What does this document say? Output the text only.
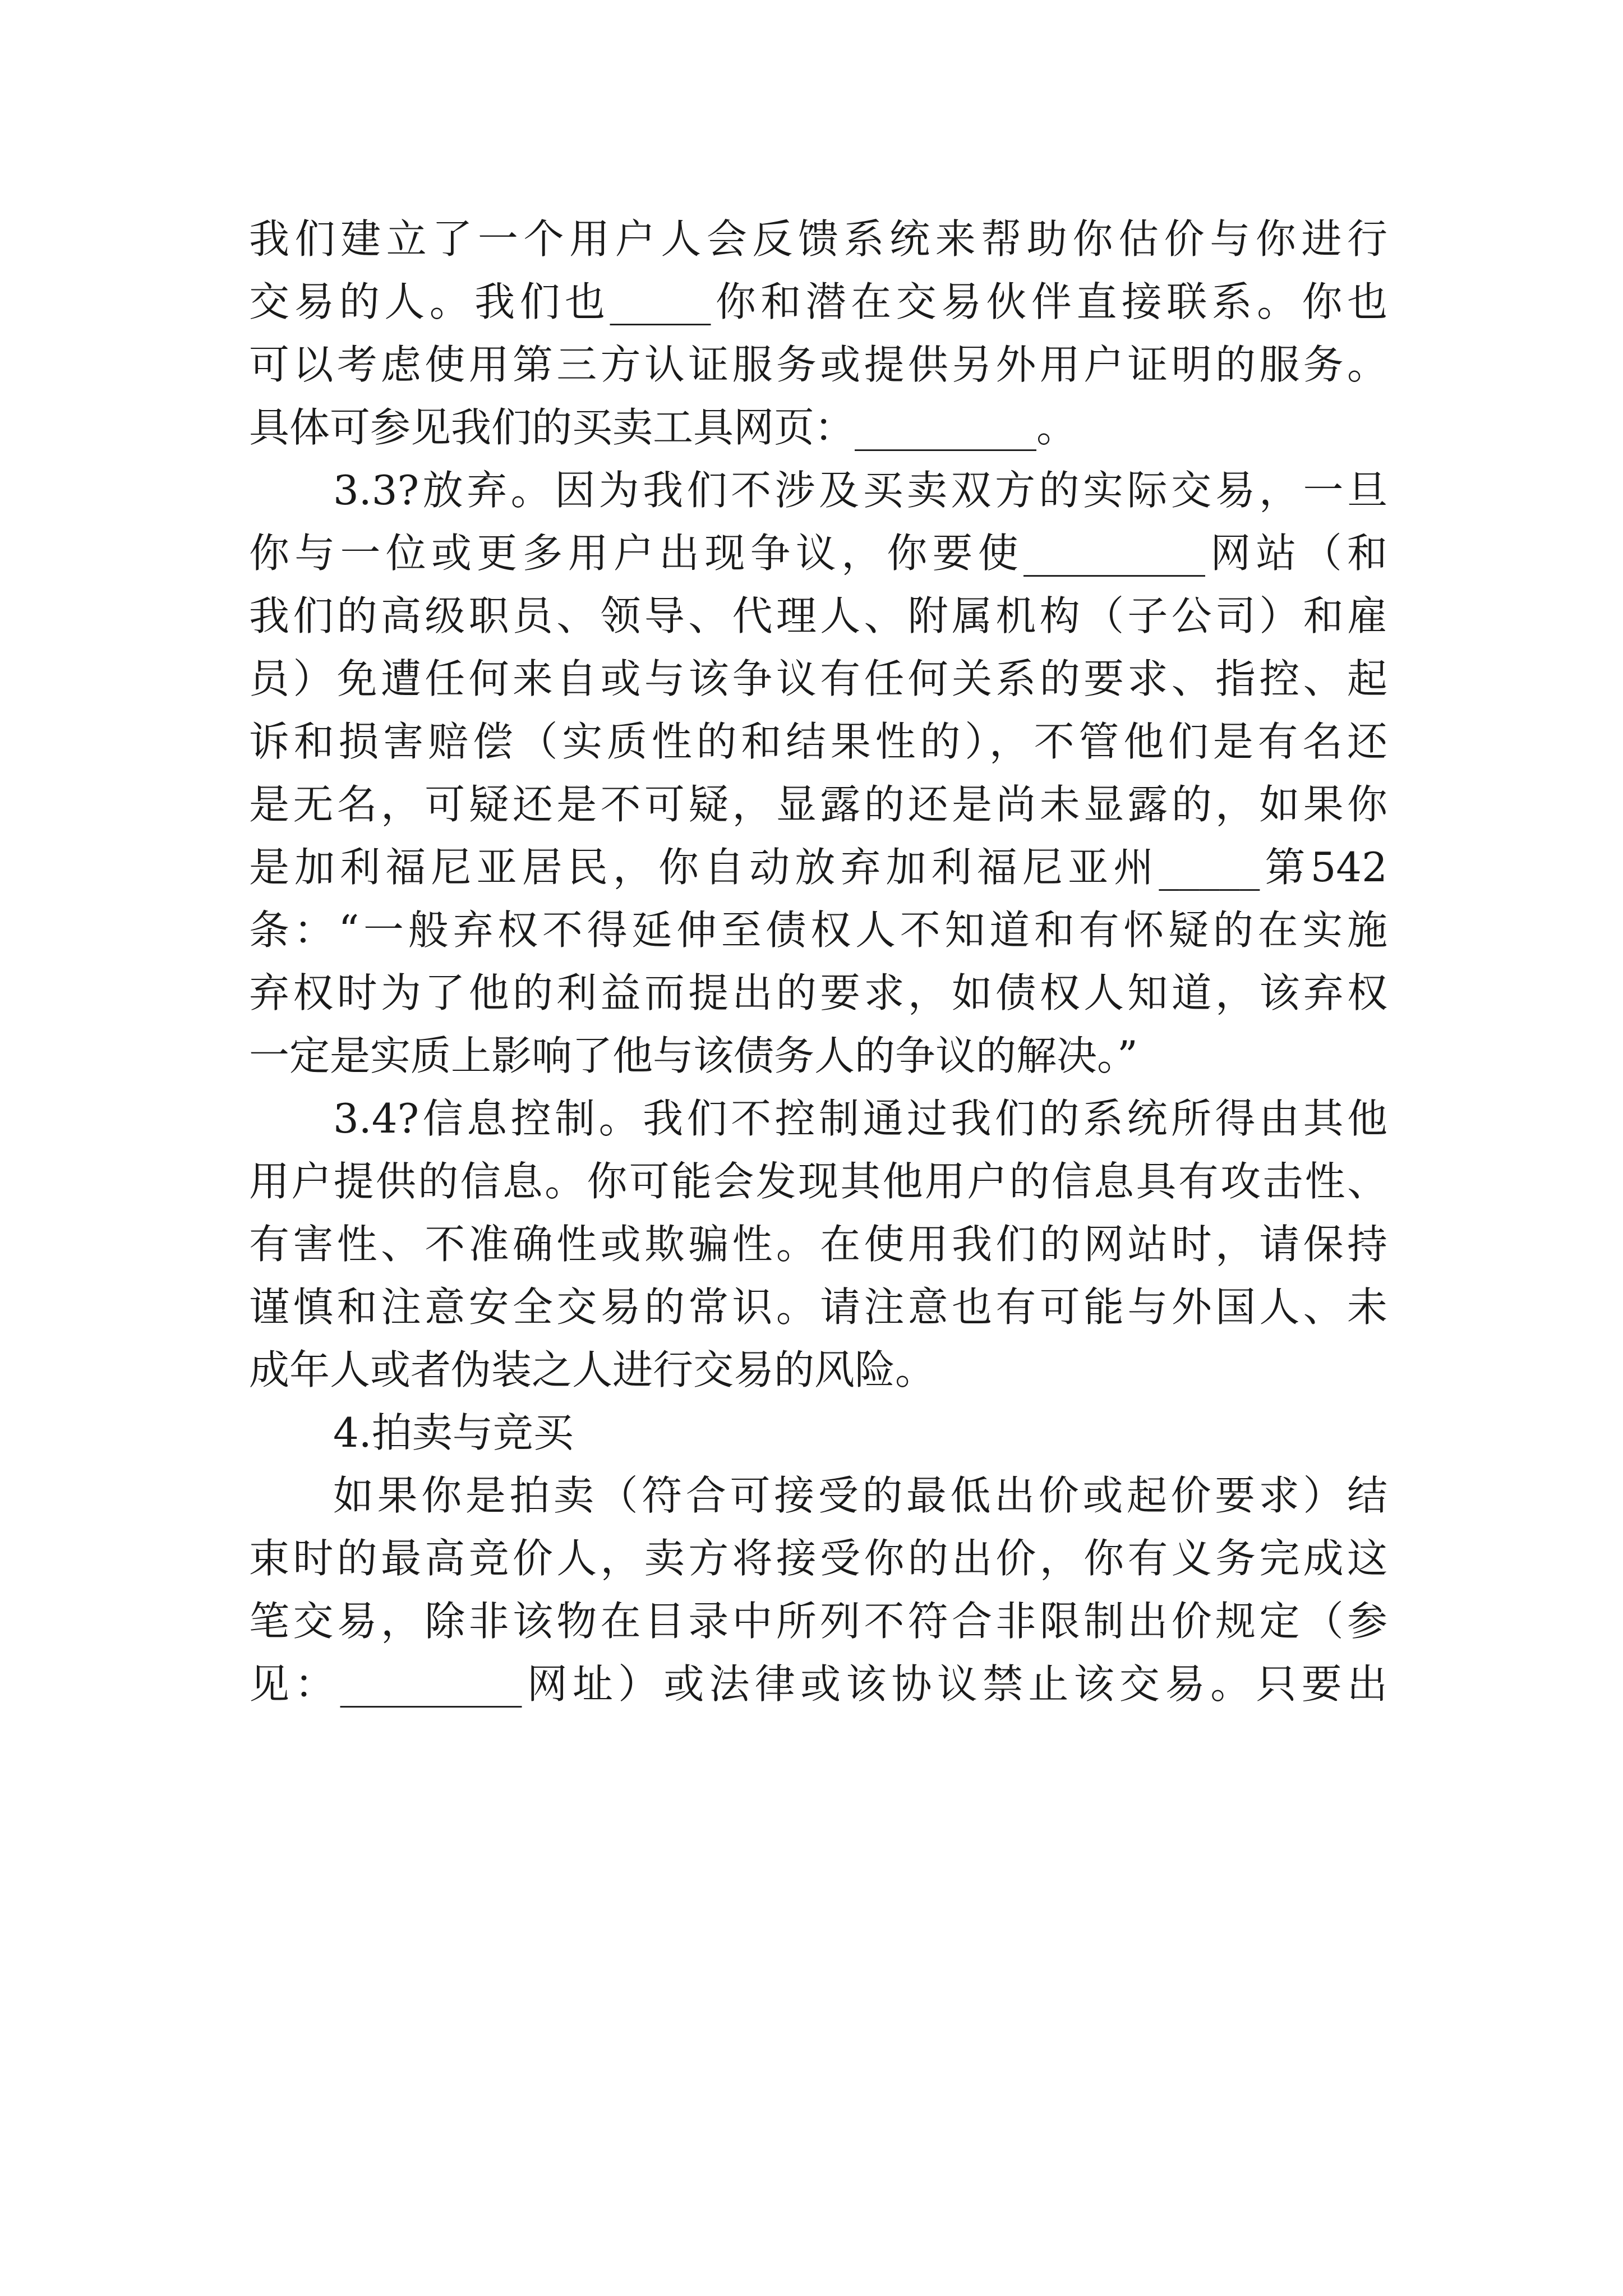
我们建立了一个用户人会反馈系统来帮助你估价与你进行
交易的人。我们也_____你和潜在交易伙伴直接联系。你也
可以考虑使用第三方认证服务或提供另外用户证明的服务。
具体可参见我们的买卖工具网页：_________。
3.3?放弃。因为我们不涉及买卖双方的实际交易，一旦
你与一位或更多用户出现争议，你要使_________网站（和
我们的高级职员、领导、代理人、附属机构（子公司）和雇
员）免遭任何来自或与该争议有任何关系的要求、指控、起
诉和损害赔偿（实质性的和结果性的），不管他们是有名还
是无名，可疑还是不可疑，显露的还是尚未显露的，如果你
是加利福尼亚居民，你自动放弃加利福尼亚州_____第542
条：“一般弃权不得延伸至债权人不知道和有怀疑的在实施
弃权时为了他的利益而提出的要求，如债权人知道，该弃权
一定是实质上影响了他与该债务人的争议的解决。”
3.4?信息控制。我们不控制通过我们的系统所得由其他
用户提供的信息。你可能会发现其他用户的信息具有攻击性、
有害性、不准确性或欺骗性。在使用我们的网站时，请保持
谨慎和注意安全交易的常识。请注意也有可能与外国人、未
成年人或者伪装之人进行交易的风险。
4.拍卖与竞买
如果你是拍卖（符合可接受的最低出价或起价要求）结
束时的最高竞价人，卖方将接受你的出价，你有义务完成这
笔交易，除非该物在目录中所列不符合非限制出价规定（参
见：_________网址）或法律或该协议禁止该交易。只要出
